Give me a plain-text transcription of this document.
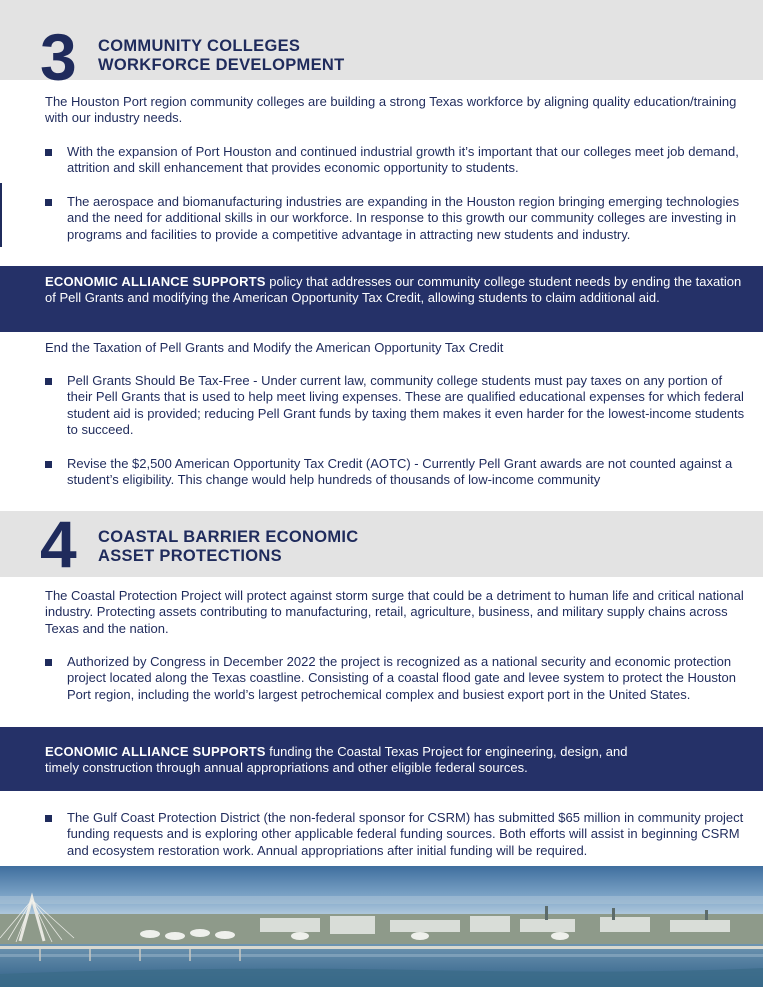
3 COMMUNITY COLLEGES
WORKFORCE DEVELOPMENT

The Houston Port region community colleges are building a strong Texas workforce by aligning quality education/training with our industry needs.

With the expansion of Port Houston and continued industrial growth it’s important that our colleges meet job demand, attrition and skill enhancement that provides economic opportunity to students.
The aerospace and biomanufacturing industries are expanding in the Houston region bringing emerging technologies and the need for additional skills in our workforce. In response to this growth our community colleges are investing in programs and facilities to provide a competitive advantage in attracting new students and industry.

ECONOMIC ALLIANCE SUPPORTS policy that addresses our community college student needs by ending the taxation of Pell Grants and modifying the American Opportunity Tax Credit, allowing students to claim additional aid.

End the Taxation of Pell Grants and Modify the American Opportunity Tax Credit

Pell Grants Should Be Tax-Free - Under current law, community college students must pay taxes on any portion of their Pell Grants that is used to help meet living expenses. These are qualified educational expenses for which federal student aid is provided; reducing Pell Grant funds by taxing them makes it even harder for the lowest-income students to succeed.
Revise the $2,500 American Opportunity Tax Credit (AOTC) - Currently Pell Grant awards are not counted against a student’s eligibility. This change would help hundreds of thousands of low-income community
4 COASTAL BARRIER ECONOMIC
ASSET PROTECTIONS

The Coastal Protection Project will protect against storm surge that could be a detriment to human life and critical national industry. Protecting assets contributing to manufacturing, retail, agriculture, business, and military supply chains across Texas and the nation.

Authorized by Congress in December 2022 the project is recognized as a national security and economic protection project located along the Texas coastline. Consisting of a coastal flood gate and levee system to protect the Houston Port region, including the world’s largest petrochemical complex and busiest export port in the United States.

ECONOMIC ALLIANCE SUPPORTS funding the Coastal Texas Project for engineering, design, and
timely construction through annual appropriations and other eligible federal sources.

The Gulf Coast Protection District (the non-federal sponsor for CSRM) has submitted $65 million in community project funding requests and is exploring other applicable federal funding sources. Both efforts will assist in beginning CSRM and ecosystem restoration work. Annual appropriations after initial funding will be required.
